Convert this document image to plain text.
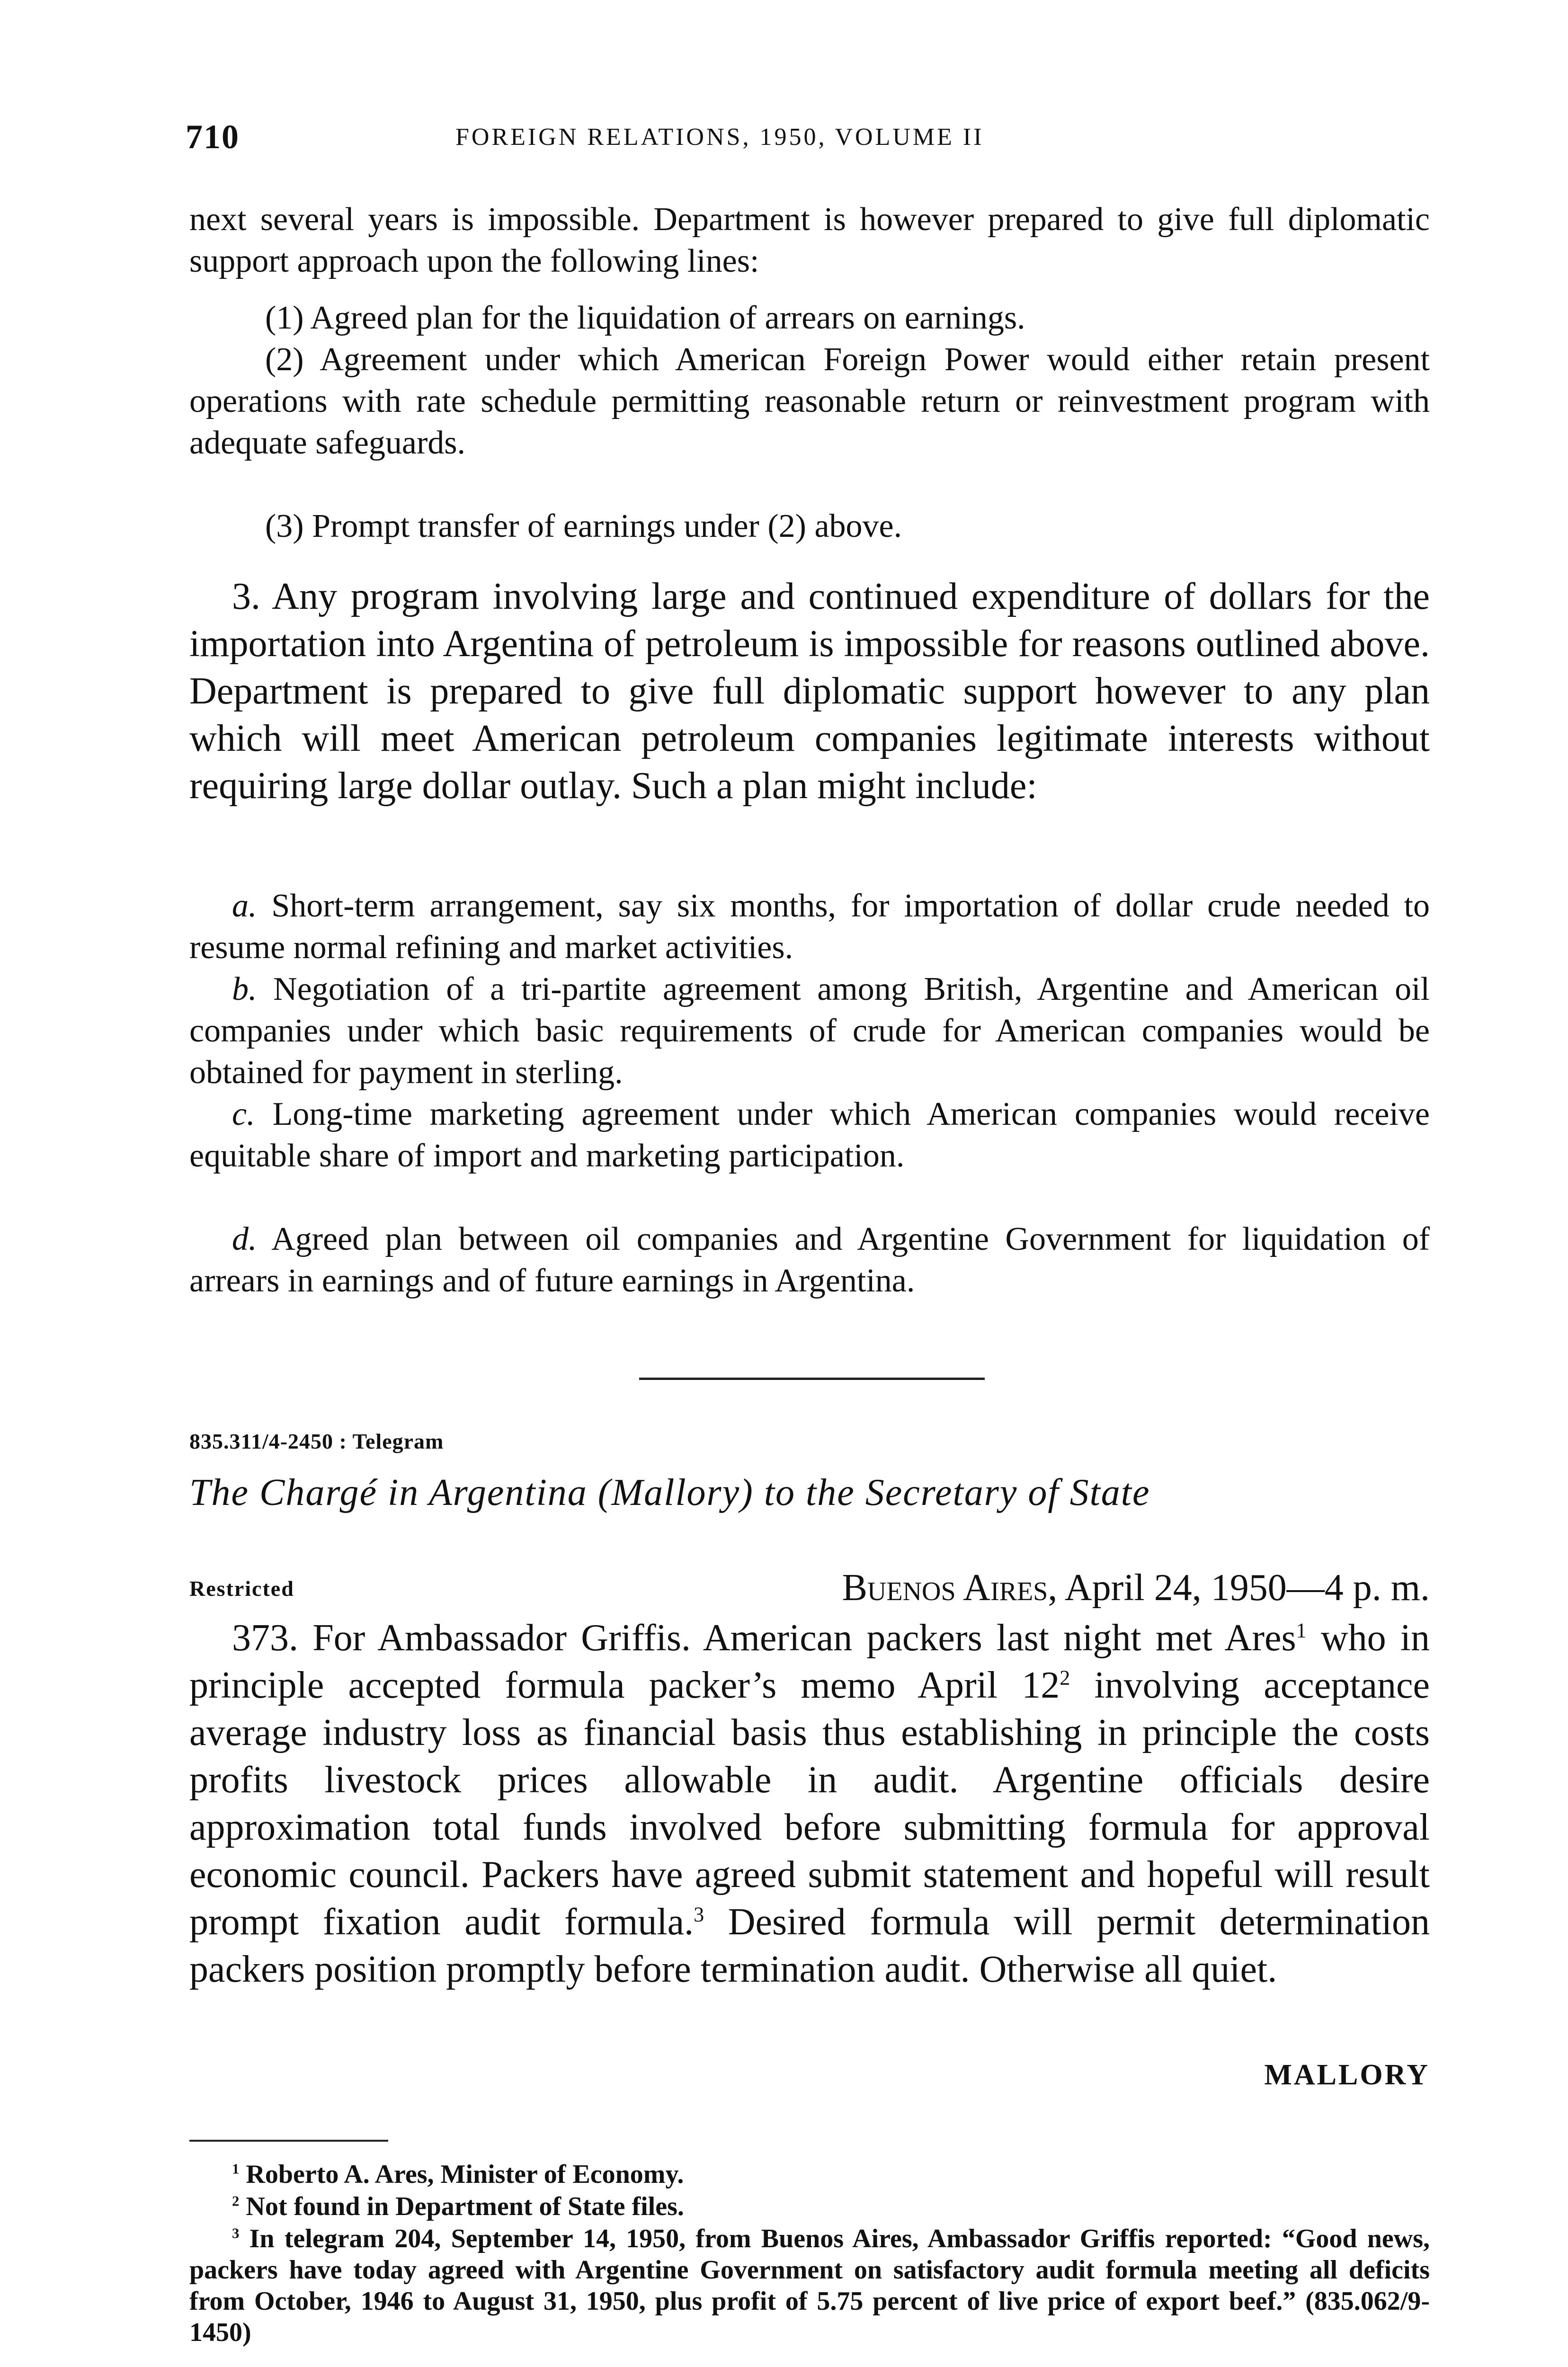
710	FOREIGN RELATIONS, 1950, VOLUME II

next several years is impossible. Department is however prepared to give full diplomatic support approach upon the following lines:

(1) Agreed plan for the liquidation of arrears on earnings.

(2) Agreement under which American Foreign Power would either retain present operations with rate schedule permitting reasonable return or reinvestment program with adequate safeguards.

(3) Prompt transfer of earnings under (2) above.

3. Any program involving large and continued expenditure of dollars for the importation into Argentina of petroleum is impossible for reasons outlined above. Department is prepared to give full diplomatic support however to any plan which will meet American petroleum companies legitimate interests without requiring large dollar outlay. Such a plan might include:

a. Short-term arrangement, say six months, for importation of dollar crude needed to resume normal refining and market activities.

b. Negotiation of a tri-partite agreement among British, Argentine and American oil companies under which basic requirements of crude for American companies would be obtained for payment in sterling.

c. Long-time marketing agreement under which American companies would receive equitable share of import and marketing participation.

d. Agreed plan between oil companies and Argentine Government for liquidation of arrears in earnings and of future earnings in Argentina.

835.311/4-2450 : Telegram
The Chargé in Argentina (Mallory) to the Secretary of State
Restricted	Buenos Aires, April 24, 1950—4 p. m.

373. For Ambassador Griffis. American packers last night met Ares$^1$ who in principle accepted formula packer’s memo April $12^2$ involving acceptance average industry loss as financial basis thus establishing in principle the costs profits livestock prices allowable in audit. Argentine officials desire approximation total funds involved before submitting formula for approval economic council. Packers have agreed submit statement and hopeful will result prompt fixation audit formula.$^3$ Desired formula will permit determination packers position promptly before termination audit. Otherwise all quiet.

MALLORY

$^1$ Roberto A. Ares, Minister of Economy.

$^2$ Not found in Department of State files.

$^3$ In telegram 204, September 14, 1950, from Buenos Aires, Ambassador Griffis reported: “Good news, packers have today agreed with Argentine Government on satisfactory audit formula meeting all deficits from October, 1946 to August 31, 1950, plus profit of 5.75 percent of live price of export beef.” (835.062/9-1450)
